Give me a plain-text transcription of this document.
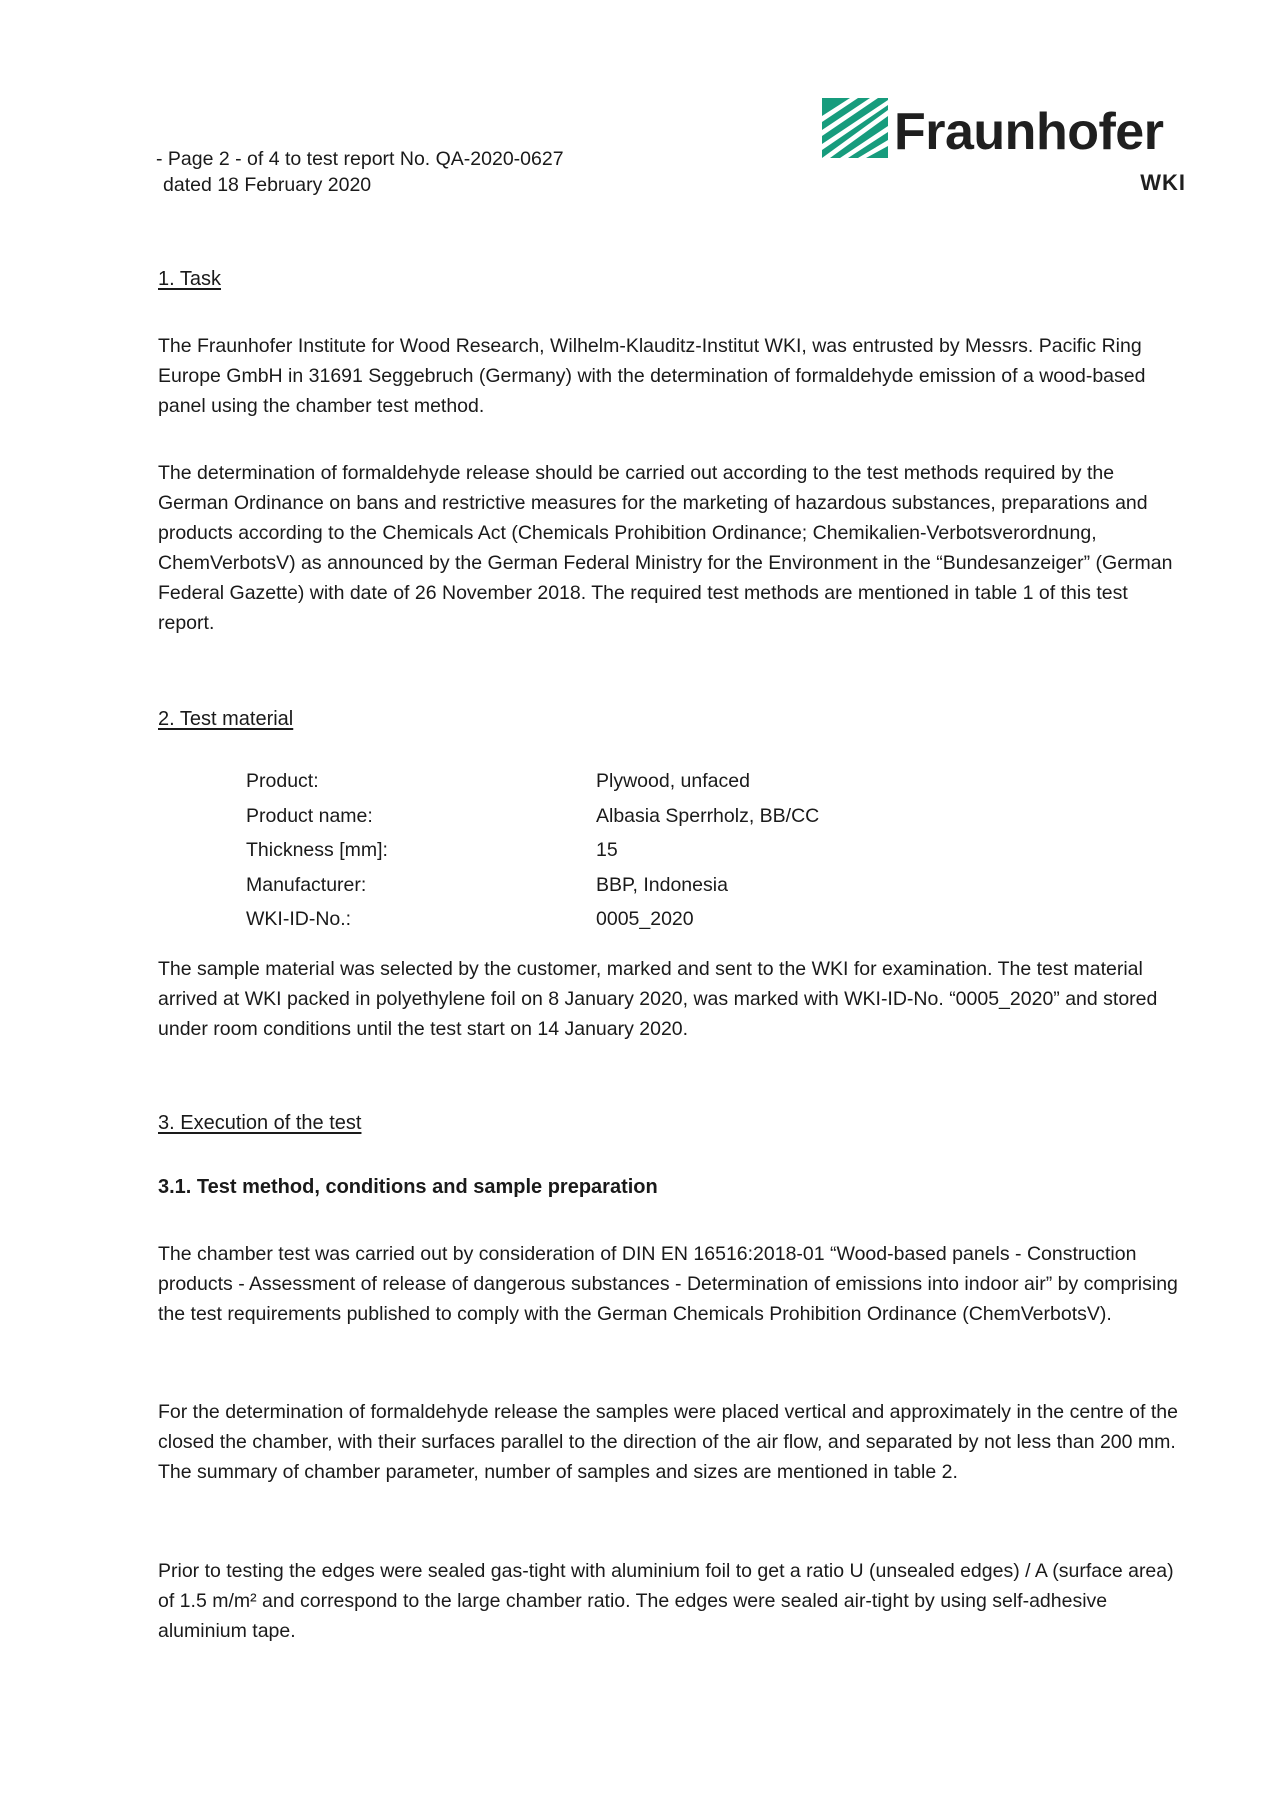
- Page 2 - of 4 to test report No. QA-2020-0627
dated 18 February 2020
Fraunhofer
WKI
1. Task

The Fraunhofer Institute for Wood Research, Wilhelm-Klauditz-Institut WKI, was entrusted by Messrs. Pacific Ring Europe GmbH in 31691 Seggebruch (Germany) with the determination of formaldehyde emission of a wood-based panel using the chamber test method.

The determination of formaldehyde release should be carried out according to the test methods required by the German Ordinance on bans and restrictive measures for the marketing of hazardous substances, preparations and products according to the Chemicals Act (Chemicals Prohibition Ordinance; Chemikalien-Verbotsverordnung, ChemVerbotsV) as announced by the German Federal Ministry for the Environment in the “Bundesanzeiger” (German Federal Gazette) with date of 26 November 2018. The required test methods are mentioned in table 1 of this test report.

2. Test material
Product:	Plywood, unfaced
Product name:	Albasia Sperrholz, BB/CC
Thickness [mm]:	15
Manufacturer:	BBP, Indonesia
WKI-ID-No.:	0005_2020

The sample material was selected by the customer, marked and sent to the WKI for examination. The test material arrived at WKI packed in polyethylene foil on 8 January 2020, was marked with WKI-ID-No. “0005_2020” and stored under room conditions until the test start on 14 January 2020.

3. Execution of the test
3.1. Test method, conditions and sample preparation

The chamber test was carried out by consideration of DIN EN 16516:2018-01 “Wood-based panels - Construction products - Assessment of release of dangerous substances - Determination of emissions into indoor air” by comprising the test requirements published to comply with the German Chemicals Prohibition Ordinance (ChemVerbotsV).

For the determination of formaldehyde release the samples were placed vertical and approximately in the centre of the closed the chamber, with their surfaces parallel to the direction of the air flow, and separated by not less than 200 mm. The summary of chamber parameter, number of samples and sizes are mentioned in table 2.

Prior to testing the edges were sealed gas-tight with aluminium foil to get a ratio U (unsealed edges) / A (surface area) of 1.5 m/m² and correspond to the large chamber ratio. The edges were sealed air-tight by using self-adhesive aluminium tape.
